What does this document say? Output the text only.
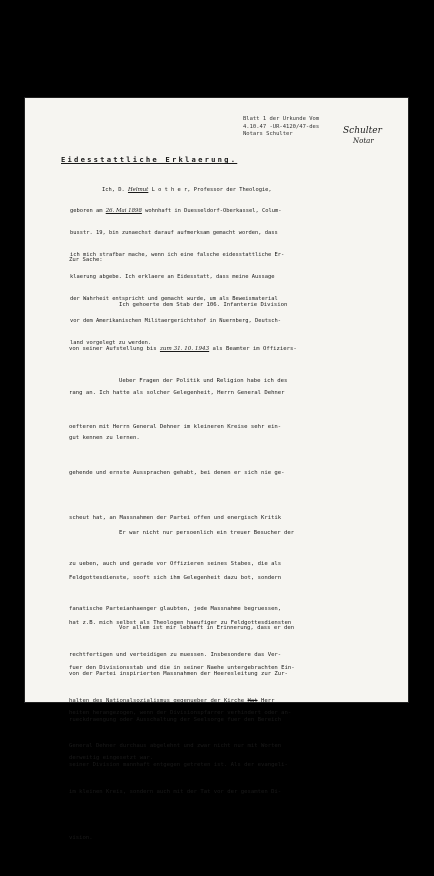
Blatt 1 der Urkunde Vom
4.10.47 -UR-4120/47-des
Notars Schulter	Schulter
Notar
Eidesstattliche Erklaerung.

Ich, D. Helmut L o t h e r, Professor der Theologie,

geboren am 26. Mai 1898 wohnhaft in Duesseldorf-Oberkassel, Colum-

busstr. 19, bin zunaechst darauf aufmerksam gemacht worden, dass

ich mich strafbar mache, wenn ich eine falsche eidesstattliche Er-

klaerung abgebe. Ich erklaere an Eidesstatt, dass meine Aussage

der Wahrheit entspricht und gemacht wurde, um als Beweismaterial

vor dem Amerikanischen Militaergerichtshof in Nuernberg, Deutsch-

land vorgelegt zu werden.

Zur Sache:

Ich gehoerte dem Stab der 106. Infanterie Division

von seiner Aufstellung bis zum 31. 10. 1943 als Beamter im Offiziers-

rang an. Ich hatte als solcher Gelegenheit, Herrn General Dehner

gut kennen zu lernen.

Ueber Fragen der Politik und Religion habe ich des

oefteren mit Herrn General Dehner im kleineren Kreise sehr ein-

gehende und ernste Aussprachen gehabt, bei denen er sich nie ge-

scheut hat, an Massnahmen der Partei offen und energisch Kritik

zu ueben, auch und gerade vor Offizieren seines Stabes, die als

fanatische Parteianhaenger glaubten, jede Massnahme begruessen,

rechtfertigen und verteidigen zu muessen. Insbesondere das Ver-

halten des Nationalsozialismus gegenueber der Kirche Hat Herr

General Dehner durchaus abgelehnt und zwar nicht nur mit Worten

im kleinen Kreis, sondern auch mit der Tat vor der gesamten Di-

vision.

Er war nicht nur persoenlich ein treuer Besucher der

Feldgottesdienste, sooft sich ihm Gelegenheit dazu bot, sondern

hat z.B. mich selbst als Theologen haeufiger zu Feldgottesdiensten

fuer den Divisionsstab und die in seiner Naehe untergebrachten Ein-

heiten herangezogen, wenn der Divisionspfarrer verhindert oder an-

derweitig eingesetzt war.

Vor allem ist mir lebhaft in Erinnerung, dass er den

von der Partei inspirierten Massnahmen der Heeresleitung zur Zur-

rueckdraengung oder Ausschaltung der Seelsorge fuer den Bereich

seiner Division mannhaft entgegen getreten ist. Als der evangeli-
